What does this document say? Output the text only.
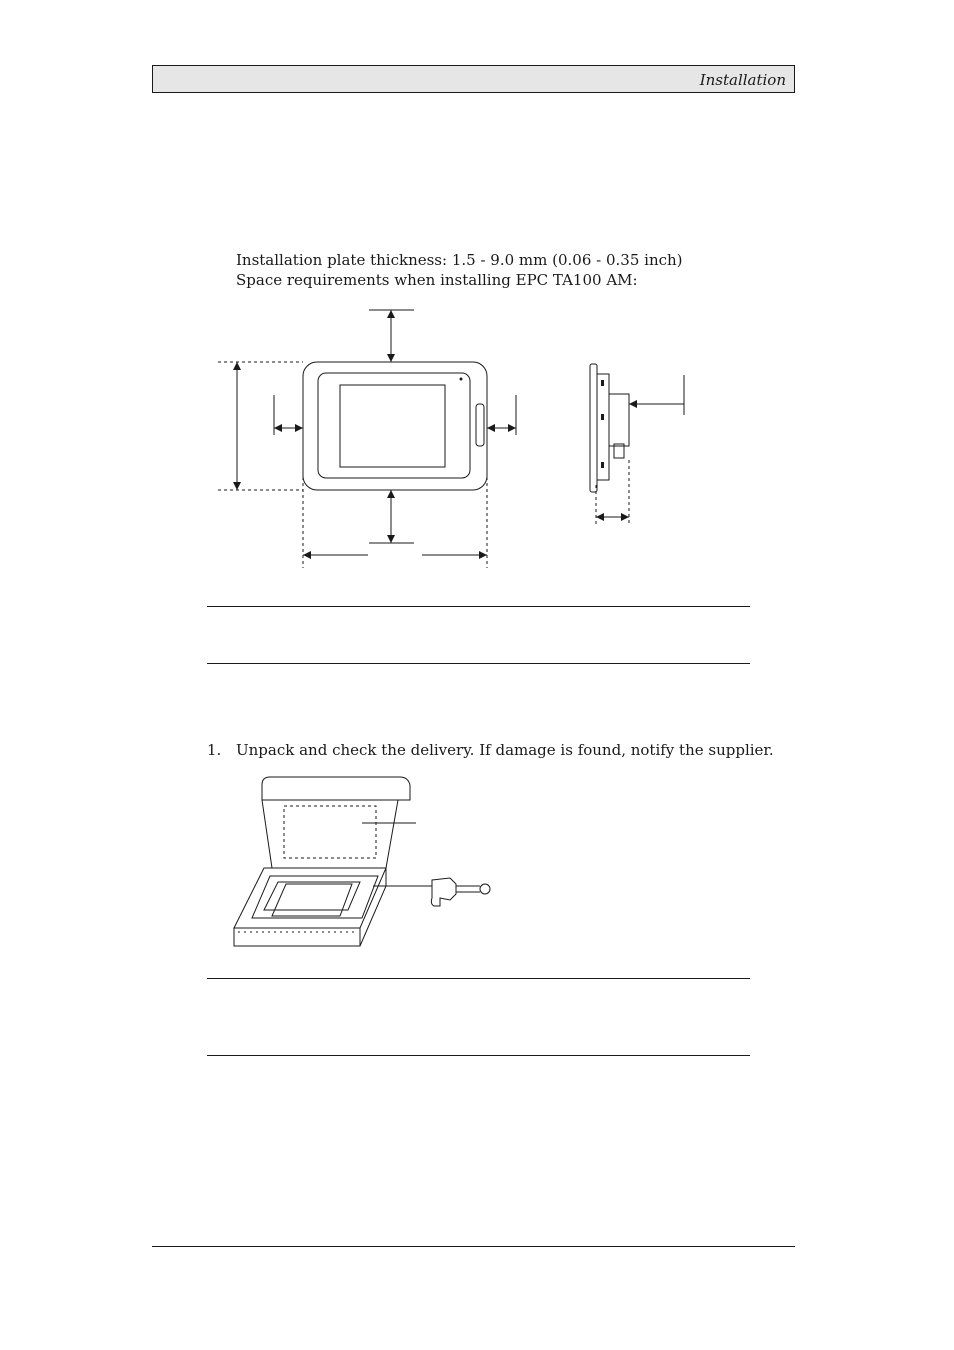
Installation
Installation plate thickness: 1.5 - 9.0 mm (0.06 - 0.35 inch)
Space requirements when installing EPC TA100 AM:
1. Unpack and check the delivery. If damage is found, notify the supplier.
